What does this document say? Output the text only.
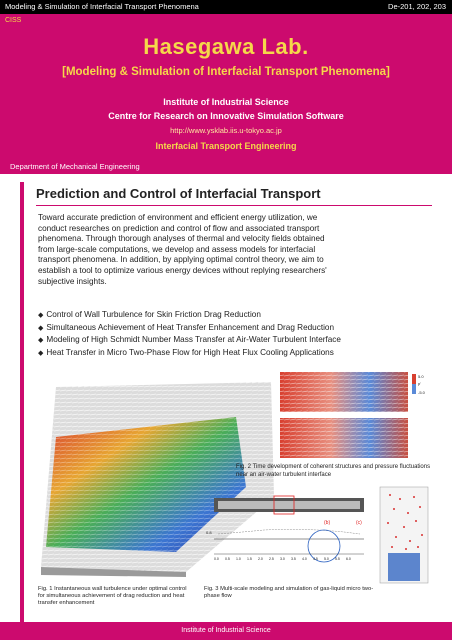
Modeling & Simulation of Interfacial Transport Phenomena	De-201, 202, 203
CISS
Hasegawa Lab.
[Modeling & Simulation of Interfacial Transport Phenomena]
Institute of Industrial Science
Centre for Research on Innovative Simulation Software
http://www.ysklab.iis.u-tokyo.ac.jp
Interfacial Transport Engineering
Department of Mechanical Engineering
Prediction and Control of Interfacial Transport
Toward accurate prediction of environment and efficient energy utilization, we
conduct researches on prediction and control of flow and associated transport
phenomena. Through thorough analyses of thermal and velocity fields obtained
from large-scale computations, we develop and assess models for interfacial
transport phenomena. In addition, by applying optimal control theory, we aim to
establish a tool to optimize various energy devices without replying researchers'
subjective insights.
◆ Control of Wall Turbulence for Skin Friction Drag Reduction
◆ Simultaneous Achievement of Heat Transfer Enhancement and Drag Reduction
◆ Modeling of High Schmidt Number Mass Transfer at Air-Water Turbulent Interface
◆ Heat Transfer in Micro Two-Phase Flow for High Heat Flux Cooling Applications
5.0
p'
-5.0
Fig. 2 Time development of coherent structures and pressure fluctuations near an air-water turbulent interface
(b)	(c)
0.8
0.0 0.5 1.0 1.5 2.0 2.5 3.0 3.5 4.0 4.5 5.0 5.5 6.0
Fig. 1 Instantaneous wall turbulence under optimal control for simultaneous achievement of drag reduction and heat transfer enhancement
Fig. 3 Multi-scale modeling and simulation of gas-liquid micro two-phase flow
Institute of Industrial Science
